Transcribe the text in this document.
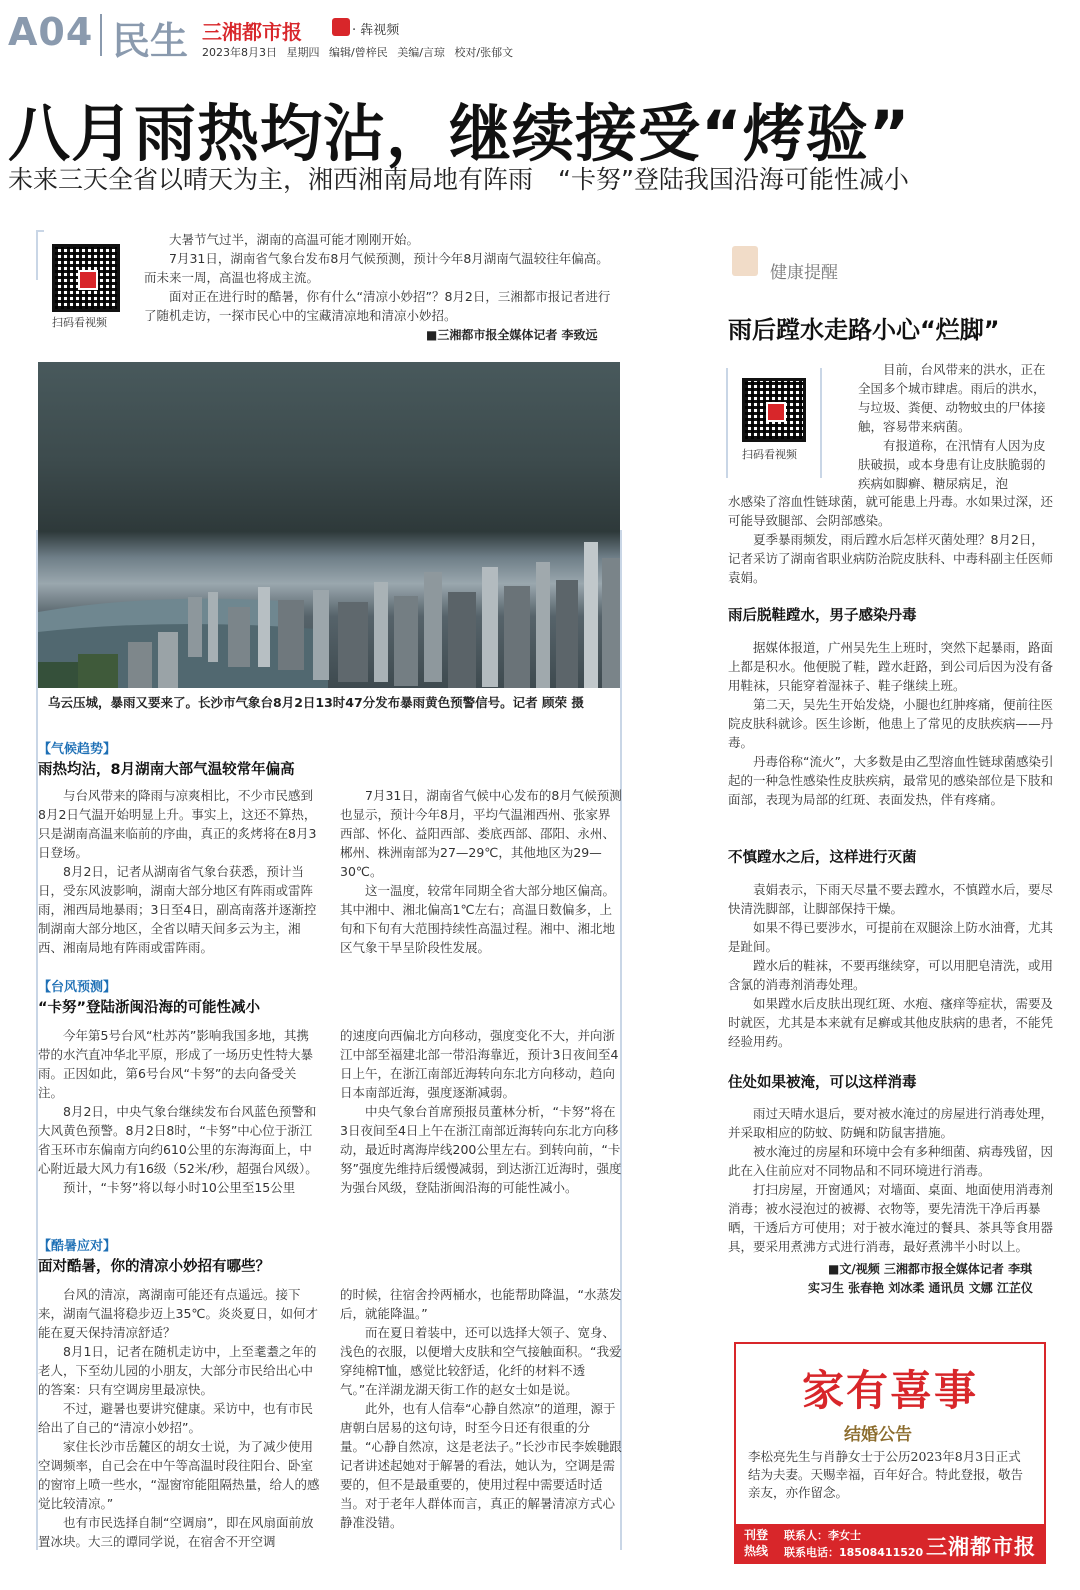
A04 民生 三湘都市报	· 犇视频
2023年8月3日 星期四 编辑/曾梓民 美编/言琼 校对/张郁文
八月雨热均沾，继续接受“烤验”
未来三天全省以晴天为主，湘西湘南局地有阵雨　“卡努”登陆我国沿海可能性减小
扫码看视频

大暑节气过半，湖南的高温可能才刚刚开始。

7月31日，湖南省气象台发布8月气候预测，预计今年8月湖南气温较往年偏高。而未来一周，高温也将成主流。

面对正在进行时的酷暑，你有什么“清凉小妙招”？8月2日，三湘都市报记者进行了随机走访，一探市民心中的宝藏清凉地和清凉小妙招。

■三湘都市报全媒体记者 李致远
乌云压城，暴雨又要来了。长沙市气象台8月2日13时47分发布暴雨黄色预警信号。记者 顾荣 摄
【气候趋势】
雨热均沾，8月湖南大部气温较常年偏高

与台风带来的降雨与凉爽相比，不少市民感到8月2日气温开始明显上升。事实上，这还不算热，只是湖南高温来临前的序曲，真正的炙烤将在8月3日登场。

8月2日，记者从湖南省气象台获悉，预计当日，受东风波影响，湖南大部分地区有阵雨或雷阵雨，湘西局地暴雨；3日至4日，副高南落并逐渐控制湖南大部分地区，全省以晴天间多云为主，湘西、湘南局地有阵雨或雷阵雨。

7月31日，湖南省气候中心发布的8月气候预测也显示，预计今年8月，平均气温湘西州、张家界西部、怀化、益阳西部、娄底西部、邵阳、永州、郴州、株洲南部为27—29℃，其他地区为29—30℃。

这一温度，较常年同期全省大部分地区偏高。其中湘中、湘北偏高1℃左右；高温日数偏多，上旬和下旬有大范围持续性高温过程。湘中、湘北地区气象干旱呈阶段性发展。

【台风预测】
“卡努”登陆浙闽沿海的可能性减小

今年第5号台风“杜苏芮”影响我国多地，其携带的水汽直冲华北平原，形成了一场历史性特大暴雨。正因如此，第6号台风“卡努”的去向备受关注。

8月2日，中央气象台继续发布台风蓝色预警和大风黄色预警。8月2日8时，“卡努”中心位于浙江省玉环市东偏南方向约610公里的东海海面上，中心附近最大风力有16级（52米/秒，超强台风级）。

预计，“卡努”将以每小时10公里至15公里

的速度向西偏北方向移动，强度变化不大，并向浙江中部至福建北部一带沿海靠近，预计3日夜间至4日上午，在浙江南部近海转向东北方向移动，趋向日本南部近海，强度逐渐减弱。

中央气象台首席预报员董林分析，“卡努”将在3日夜间至4日上午在浙江南部近海转向东北方向移动，最近时离海岸线200公里左右。到转向前，“卡努”强度先维持后缓慢减弱，到达浙江近海时，强度为强台风级，登陆浙闽沿海的可能性减小。

【酷暑应对】
面对酷暑，你的清凉小妙招有哪些？

台风的清凉，离湖南可能还有点遥远。接下来，湖南气温将稳步迈上35℃。炎炎夏日，如何才能在夏天保持清凉舒适？

8月1日，记者在随机走访中，上至耄耋之年的老人，下至幼儿园的小朋友，大部分市民给出心中的答案：只有空调房里最凉快。

不过，避暑也要讲究健康。采访中，也有市民给出了自己的“清凉小妙招”。

家住长沙市岳麓区的胡女士说，为了减少使用空调频率，自己会在中午等高温时段往阳台、卧室的窗帘上喷一些水，“湿窗帘能阻隔热量，给人的感觉比较清凉。”

也有市民选择自制“空调扇”，即在风扇面前放置冰块。大三的谭同学说，在宿舍不开空调

的时候，往宿舍拎两桶水，也能帮助降温，“水蒸发后，就能降温。”

而在夏日着装中，还可以选择大领子、宽身、浅色的衣服，以便增大皮肤和空气接触面积。“我爱穿纯棉T恤，感觉比较舒适，化纤的材料不透气。”在洋湖龙湖天街工作的赵女士如是说。

此外，也有人信奉“心静自然凉”的道理，源于唐朝白居易的这句诗，时至今日还有很重的分量。“心静自然凉，这是老法子。”长沙市民李娭毑跟记者讲述起她对于解暑的看法，她认为，空调是需要的，但不是最重要的，使用过程中需要适时适当。对于老年人群体而言，真正的解暑清凉方式心静准没错。

健康提醒
雨后蹚水走路小心“烂脚”
扫码看视频

目前，台风带来的洪水，正在全国多个城市肆虐。雨后的洪水，与垃圾、粪便、动物蚊虫的尸体接触，容易带来病菌。

有报道称，在汛情有人因为皮肤破损，或本身患有让皮肤脆弱的疾病如脚癣、糖尿病足，泡

水感染了溶血性链球菌，就可能患上丹毒。水如果过深，还可能导致腿部、会阴部感染。

夏季暴雨频发，雨后蹚水后怎样灭菌处理？8月2日，记者采访了湖南省职业病防治院皮肤科、中毒科副主任医师袁娟。

雨后脱鞋蹚水，男子感染丹毒

据媒体报道，广州吴先生上班时，突然下起暴雨，路面上都是积水。他便脱了鞋，蹚水赶路，到公司后因为没有备用鞋袜，只能穿着湿袜子、鞋子继续上班。

第二天，吴先生开始发烧，小腿也红肿疼痛，便前往医院皮肤科就诊。医生诊断，他患上了常见的皮肤疾病——丹毒。

丹毒俗称“流火”，大多数是由乙型溶血性链球菌感染引起的一种急性感染性皮肤疾病，最常见的感染部位是下肢和面部，表现为局部的红斑、表面发热，伴有疼痛。

不慎蹚水之后，这样进行灭菌

袁娟表示，下雨天尽量不要去蹚水，不慎蹚水后，要尽快清洗脚部，让脚部保持干燥。

如果不得已要涉水，可提前在双腿涂上防水油膏，尤其是趾间。

蹚水后的鞋袜，不要再继续穿，可以用肥皂清洗，或用含氯的消毒剂消毒处理。

如果蹚水后皮肤出现红斑、水疱、瘙痒等症状，需要及时就医，尤其是本来就有足癣或其他皮肤病的患者，不能凭经验用药。

住处如果被淹，可以这样消毒

雨过天晴水退后，要对被水淹过的房屋进行消毒处理，并采取相应的防蚊、防蝇和防鼠害措施。

被水淹过的房屋和环境中会有多种细菌、病毒残留，因此在入住前应对不同物品和不同环境进行消毒。

打扫房屋，开窗通风；对墙面、桌面、地面使用消毒剂消毒；被水浸泡过的被褥、衣物等，要先清洗干净后再暴晒，干透后方可使用；对于被水淹过的餐具、茶具等食用器具，要采用煮沸方式进行消毒，最好煮沸半小时以上。

■文/视频 三湘都市报全媒体记者 李琪
实习生 张春艳 刘冰柔 通讯员 文娜 江芷仪
家有喜事
结婚公告
李松亮先生与肖静女士于公历2023年8月3日正式结为夫妻。天赐幸福，百年好合。特此登报，敬告亲友，亦作留念。
刊登热线
联系人：李女士
联系电话：18508411520 三湘都市报
